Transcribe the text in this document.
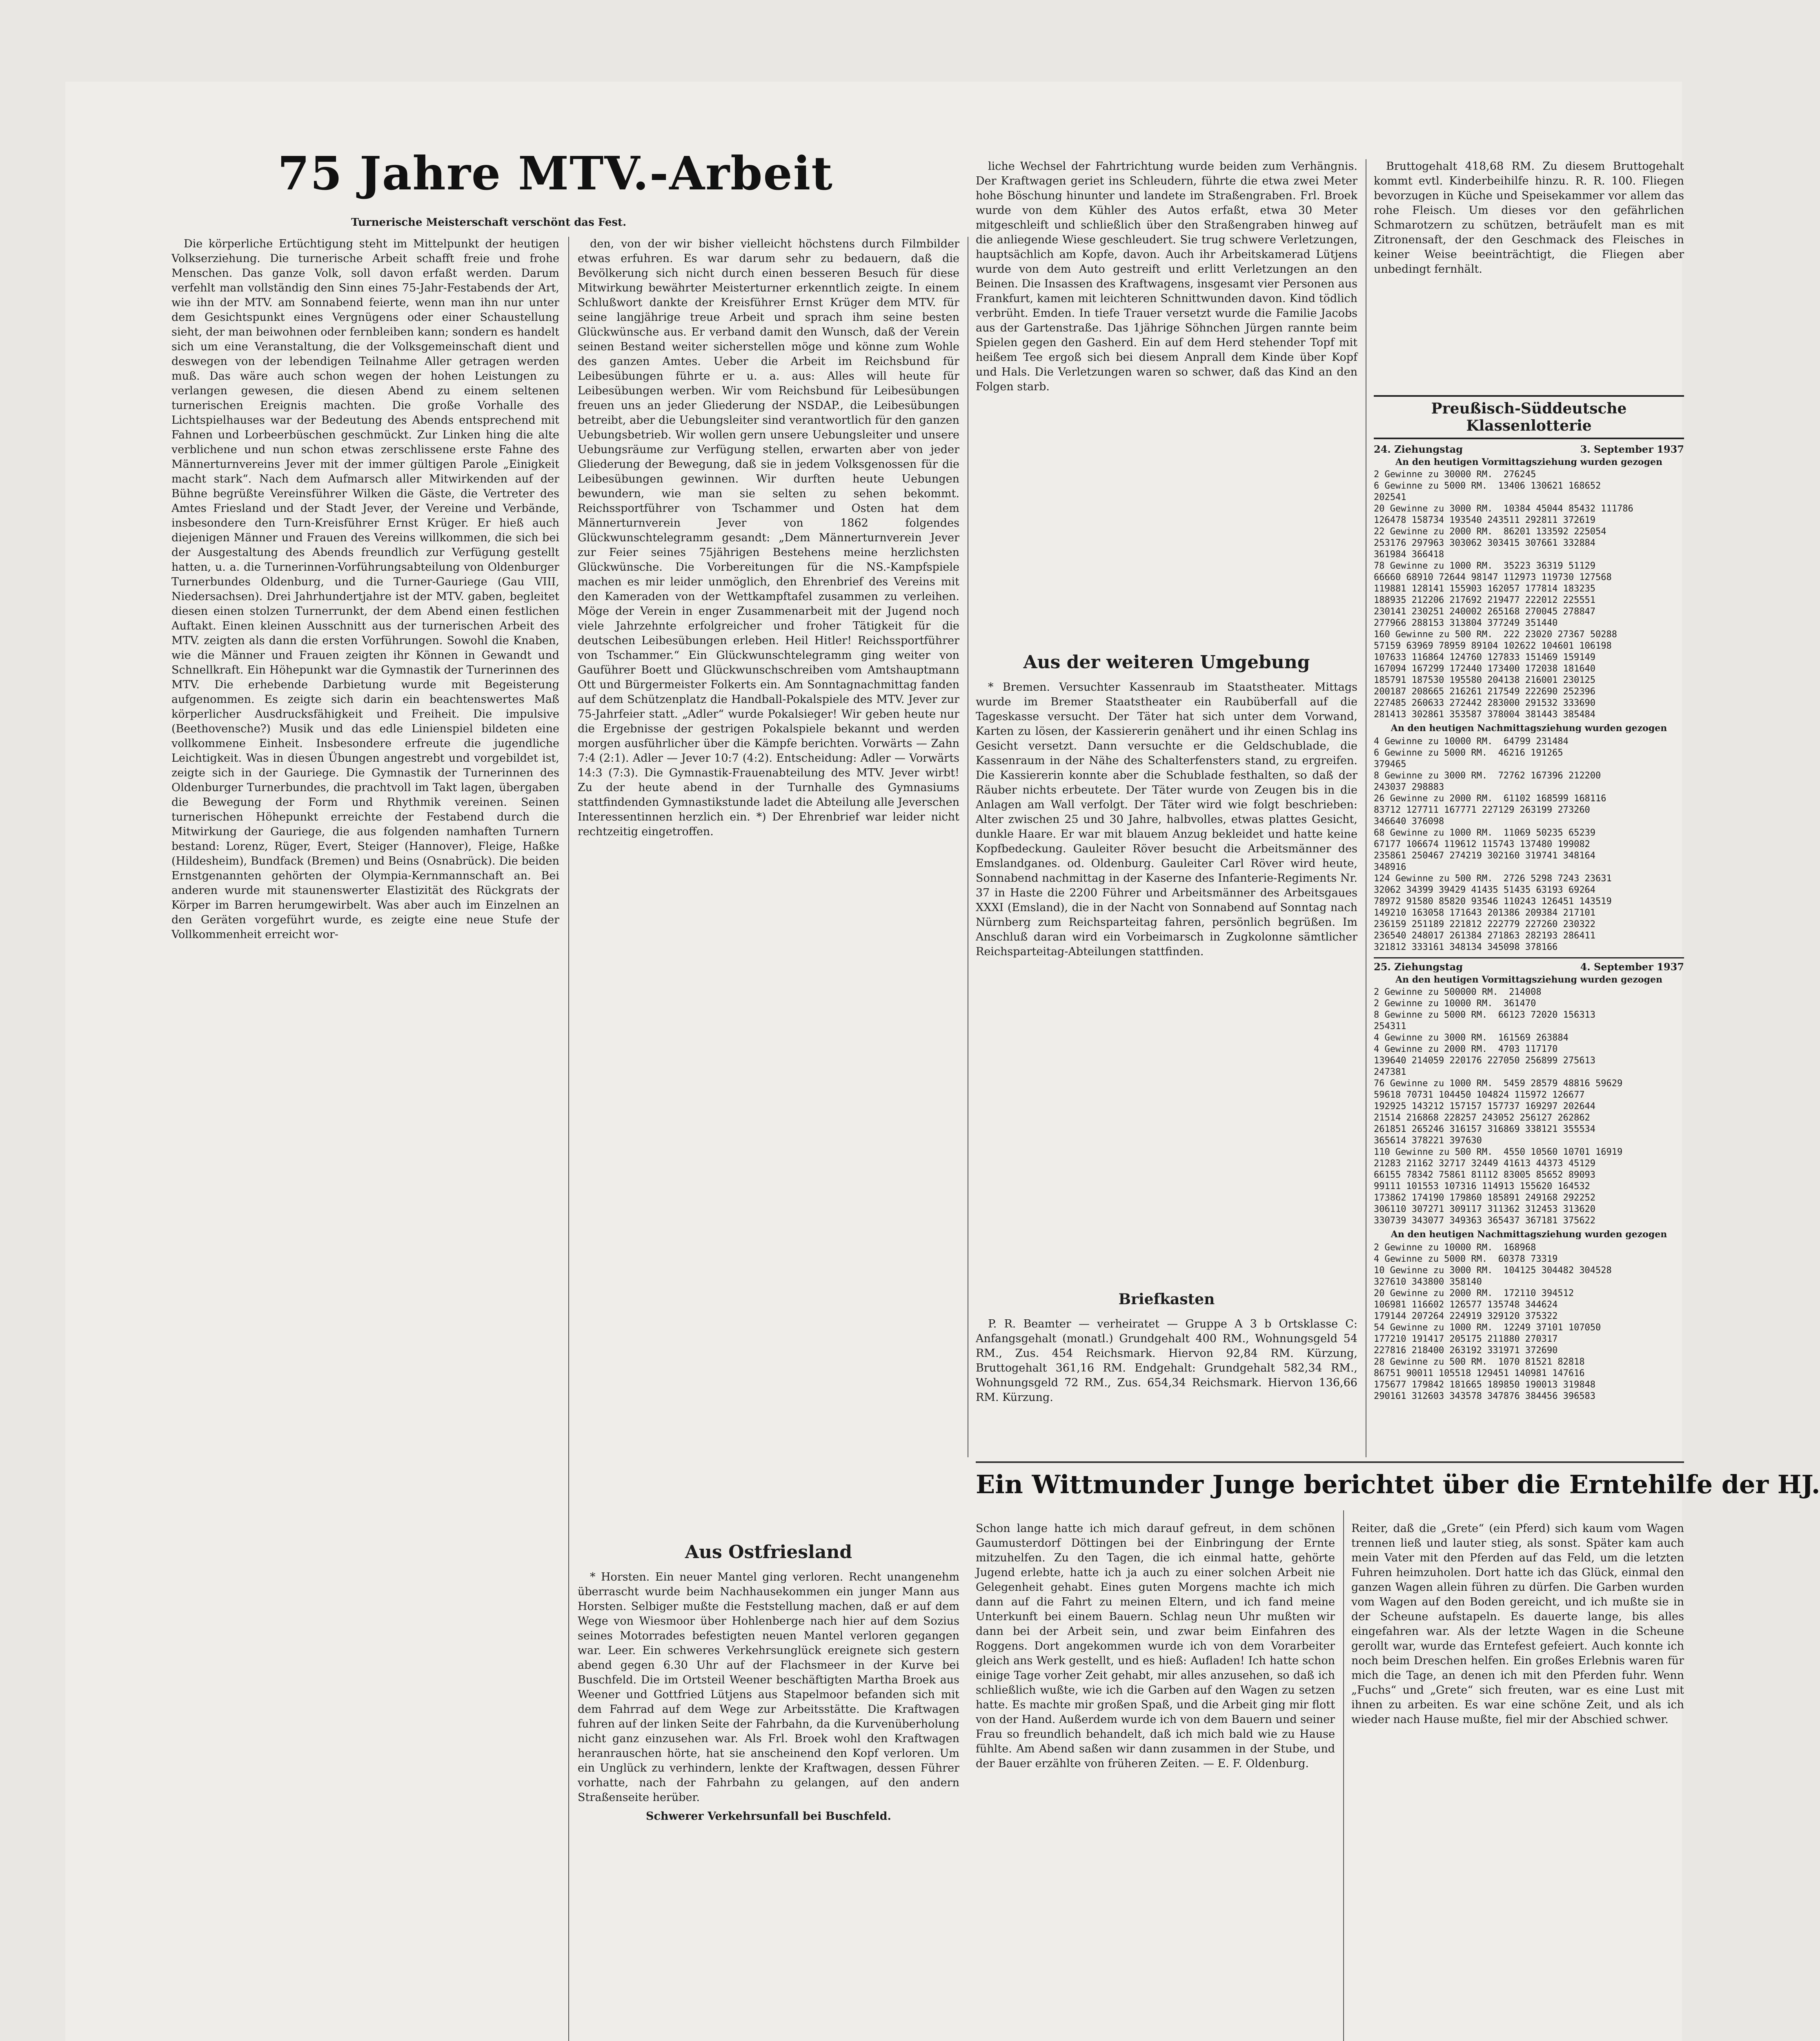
75 Jahre MTV.-Arbeit
Turnerische Meisterschaft verschönt das Fest.

Die körperliche Ertüchtigung steht im Mittelpunkt der heutigen Volkserziehung. Die turnerische Arbeit schafft freie und frohe Menschen. Das ganze Volk, soll davon erfaßt werden. Darum verfehlt man vollständig den Sinn eines 75-Jahr-Festabends der Art, wie ihn der MTV. am Sonnabend feierte, wenn man ihn nur unter dem Gesichtspunkt eines Vergnügens oder einer Schaustellung sieht, der man beiwohnen oder fernbleiben kann; sondern es handelt sich um eine Veranstaltung, die der Volksgemeinschaft dient und deswegen von der lebendigen Teilnahme Aller getragen werden muß. Das wäre auch schon wegen der hohen Leistungen zu verlangen gewesen, die diesen Abend zu einem seltenen turnerischen Ereignis machten. Die große Vorhalle des Lichtspielhauses war der Bedeutung des Abends entsprechend mit Fahnen und Lorbeerbüschen geschmückt. Zur Linken hing die alte verblichene und nun schon etwas zerschlissene erste Fahne des Männerturnvereins Jever mit der immer gültigen Parole „Einigkeit macht stark“. Nach dem Aufmarsch aller Mitwirkenden auf der Bühne begrüßte Vereinsführer Wilken die Gäste, die Vertreter des Amtes Friesland und der Stadt Jever, der Vereine und Verbände, insbesondere den Turn-Kreisführer Ernst Krüger. Er hieß auch diejenigen Männer und Frauen des Vereins willkommen, die sich bei der Ausgestaltung des Abends freundlich zur Verfügung gestellt hatten, u. a. die Turnerinnen-Vorführungsabteilung von Oldenburger Turnerbundes Oldenburg, und die Turner-Gauriege (Gau VIII, Niedersachsen). Drei Jahrhundertjahre ist der MTV. gaben, begleitet diesen einen stolzen Turnerrunkt, der dem Abend einen festlichen Auftakt. Einen kleinen Ausschnitt aus der turnerischen Arbeit des MTV. zeigten als dann die ersten Vorführungen. Sowohl die Knaben, wie die Männer und Frauen zeigten ihr Können in Gewandt und Schnellkraft. Ein Höhepunkt war die Gymnastik der Turnerinnen des MTV. Die erhebende Darbietung wurde mit Begeisterung aufgenommen. Es zeigte sich darin ein beachtenswertes Maß körperlicher Ausdrucksfähigkeit und Freiheit. Die impulsive (Beethovensche?) Musik und das edle Linienspiel bildeten eine vollkommene Einheit. Insbesondere erfreute die jugendliche Leichtigkeit. Was in diesen Übungen angestrebt und vorgebildet ist, zeigte sich in der Gauriege. Die Gymnastik der Turnerinnen des Oldenburger Turnerbundes, die prachtvoll im Takt lagen, übergaben die Bewegung der Form und Rhythmik vereinen. Seinen turnerischen Höhepunkt erreichte der Festabend durch die Mitwirkung der Gauriege, die aus folgenden namhaften Turnern bestand: Lorenz, Rüger, Evert, Steiger (Hannover), Fleige, Haßke (Hildesheim), Bundfack (Bremen) und Beins (Osnabrück). Die beiden Ernstgenannten gehörten der Olympia-Kernmannschaft an. Bei anderen wurde mit staunenswerter Elastizität des Rückgrats der Körper im Barren herumgewirbelt. Was aber auch im Einzelnen an den Geräten vorgeführt wurde, es zeigte eine neue Stufe der Vollkommenheit erreicht wor-

den, von der wir bisher vielleicht höchstens durch Filmbilder etwas erfuhren. Es war darum sehr zu bedauern, daß die Bevölkerung sich nicht durch einen besseren Besuch für diese Mitwirkung bewährter Meisterturner erkenntlich zeigte. In einem Schlußwort dankte der Kreisführer Ernst Krüger dem MTV. für seine langjährige treue Arbeit und sprach ihm seine besten Glückwünsche aus. Er verband damit den Wunsch, daß der Verein seinen Bestand weiter sicherstellen möge und könne zum Wohle des ganzen Amtes. Ueber die Arbeit im Reichsbund für Leibesübungen führte er u. a. aus: Alles will heute für Leibesübungen werben. Wir vom Reichsbund für Leibesübungen freuen uns an jeder Gliederung der NSDAP., die Leibesübungen betreibt, aber die Uebungsleiter sind verantwortlich für den ganzen Uebungsbetrieb. Wir wollen gern unsere Uebungsleiter und unsere Uebungsräume zur Verfügung stellen, erwarten aber von jeder Gliederung der Bewegung, daß sie in jedem Volksgenossen für die Leibesübungen gewinnen. Wir durften heute Uebungen bewundern, wie man sie selten zu sehen bekommt. Reichssportführer von Tschammer und Osten hat dem Männerturnverein Jever von 1862 folgendes Glückwunschtelegramm gesandt: „Dem Männerturnverein Jever zur Feier seines 75jährigen Bestehens meine herzlichsten Glückwünsche. Die Vorbereitungen für die NS.-Kampfspiele machen es mir leider unmöglich, den Ehrenbrief des Vereins mit den Kameraden von der Wettkampftafel zusammen zu verleihen. Möge der Verein in enger Zusammenarbeit mit der Jugend noch viele Jahrzehnte erfolgreicher und froher Tätigkeit für die deutschen Leibesübungen erleben. Heil Hitler! Reichssportführer von Tschammer.“ Ein Glückwunschtelegramm ging weiter von Gauführer Boett und Glückwunschschreiben vom Amtshauptmann Ott und Bürgermeister Folkerts ein. Am Sonntagnachmittag fanden auf dem Schützenplatz die Handball-Pokalspiele des MTV. Jever zur 75-Jahrfeier statt. „Adler“ wurde Pokalsieger! Wir geben heute nur die Ergebnisse der gestrigen Pokalspiele bekannt und werden morgen ausführlicher über die Kämpfe berichten. Vorwärts — Zahn 7:4 (2:1). Adler — Jever 10:7 (4:2). Entscheidung: Adler — Vorwärts 14:3 (7:3). Die Gymnastik-Frauenabteilung des MTV. Jever wirbt! Zu der heute abend in der Turnhalle des Gymnasiums stattfindenden Gymnastikstunde ladet die Abteilung alle Jeverschen Interessentinnen herzlich ein. *) Der Ehrenbrief war leider nicht rechtzeitig eingetroffen.

Aus Ostfriesland

* Horsten. Ein neuer Mantel ging verloren. Recht unangenehm überrascht wurde beim Nachhausekommen ein junger Mann aus Horsten. Selbiger mußte die Feststellung machen, daß er auf dem Wege von Wiesmoor über Hohlenberge nach hier auf dem Sozius seines Motorrades befestigten neuen Mantel verloren gegangen war. Leer. Ein schweres Verkehrsunglück ereignete sich gestern abend gegen 6.30 Uhr auf der Flachsmeer in der Kurve bei Buschfeld. Die im Ortsteil Weener beschäftigten Martha Broek aus Weener und Gottfried Lütjens aus Stapelmoor befanden sich mit dem Fahrrad auf dem Wege zur Arbeitsstätte. Die Kraftwagen fuhren auf der linken Seite der Fahrbahn, da die Kurvenüberholung nicht ganz einzusehen war. Als Frl. Broek wohl den Kraftwagen heranrauschen hörte, hat sie anscheinend den Kopf verloren. Um ein Unglück zu verhindern, lenkte der Kraftwagen, dessen Führer vorhatte, nach der Fahrbahn zu gelangen, auf den andern Straßenseite herüber.

Schwerer Verkehrsunfall bei Buschfeld.

liche Wechsel der Fahrtrichtung wurde beiden zum Verhängnis. Der Kraftwagen geriet ins Schleudern, führte die etwa zwei Meter hohe Böschung hinunter und landete im Straßengraben. Frl. Broek wurde von dem Kühler des Autos erfaßt, etwa 30 Meter mitgeschleift und schließlich über den Straßengraben hinweg auf die anliegende Wiese geschleudert. Sie trug schwere Verletzungen, hauptsächlich am Kopfe, davon. Auch ihr Arbeitskamerad Lütjens wurde von dem Auto gestreift und erlitt Verletzungen an den Beinen. Die Insassen des Kraftwagens, insgesamt vier Personen aus Frankfurt, kamen mit leichteren Schnittwunden davon. Kind tödlich verbrüht. Emden. In tiefe Trauer versetzt wurde die Familie Jacobs aus der Gartenstraße. Das 1jährige Söhnchen Jürgen rannte beim Spielen gegen den Gasherd. Ein auf dem Herd stehender Topf mit heißem Tee ergoß sich bei diesem Anprall dem Kinde über Kopf und Hals. Die Verletzungen waren so schwer, daß das Kind an den Folgen starb.

Aus der weiteren Umgebung

* Bremen. Versuchter Kassenraub im Staatstheater. Mittags wurde im Bremer Staatstheater ein Raubüberfall auf die Tageskasse versucht. Der Täter hat sich unter dem Vorwand, Karten zu lösen, der Kassiererin genähert und ihr einen Schlag ins Gesicht versetzt. Dann versuchte er die Geldschublade, die Kassenraum in der Nähe des Schalterfensters stand, zu ergreifen. Die Kassiererin konnte aber die Schublade festhalten, so daß der Räuber nichts erbeutete. Der Täter wurde von Zeugen bis in die Anlagen am Wall verfolgt. Der Täter wird wie folgt beschrieben: Alter zwischen 25 und 30 Jahre, halbvolles, etwas plattes Gesicht, dunkle Haare. Er war mit blauem Anzug bekleidet und hatte keine Kopfbedeckung. Gauleiter Röver besucht die Arbeitsmänner des Emslandganes. od. Oldenburg. Gauleiter Carl Röver wird heute, Sonnabend nachmittag in der Kaserne des Infanterie-Regiments Nr. 37 in Haste die 2200 Führer und Arbeitsmänner des Arbeitsgaues XXXI (Emsland), die in der Nacht von Sonnabend auf Sonntag nach Nürnberg zum Reichsparteitag fahren, persönlich begrüßen. Im Anschluß daran wird ein Vorbeimarsch in Zugkolonne sämtlicher Reichsparteitag-Abteilungen stattfinden.

Briefkasten

P. R. Beamter — verheiratet — Gruppe A 3 b Ortsklasse C: Anfangsgehalt (monatl.) Grundgehalt 400 RM., Wohnungsgeld 54 RM., Zus. 454 Reichsmark. Hiervon 92,84 RM. Kürzung, Bruttogehalt 361,16 RM. Endgehalt: Grundgehalt 582,34 RM., Wohnungsgeld 72 RM., Zus. 654,34 Reichsmark. Hiervon 136,66 RM. Kürzung.

Bruttogehalt 418,68 RM. Zu diesem Bruttogehalt kommt evtl. Kinderbeihilfe hinzu. R. R. 100. Fliegen bevorzugen in Küche und Speisekammer vor allem das rohe Fleisch. Um dieses vor den gefährlichen Schmarotzern zu schützen, beträufelt man es mit Zitronensaft, der den Geschmack des Fleisches in keiner Weise beeinträchtigt, die Fliegen aber unbedingt fernhält.

Preußisch-Süddeutsche Klassenlotterie
24. Ziehungstag	3. September 1937
An den heutigen Vormittagsziehung wurden gezogen
2 Gewinne zu 30000 RM.  276245
6 Gewinne zu 5000 RM.  13406 130621 168652
202541
20 Gewinne zu 3000 RM.  10384 45044 85432 111786
126478 158734 193540 243511 292811 372619
22 Gewinne zu 2000 RM.  86201 133592 225054
253176 297963 303062 303415 307661 332884
361984 366418
78 Gewinne zu 1000 RM.  35223 36319 51129
66660 68910 72644 98147 112973 119730 127568
119881 128141 155903 162057 177814 183235
188935 212206 217692 219477 222012 225551
230141 230251 240002 265168 270045 278847
277966 288153 313804 377249 351440
160 Gewinne zu 500 RM.  222 23020 27367 50288
57159 63969 78959 89104 102622 104601 106198
107633 116864 124760 127833 151469 159149
167094 167299 172440 173400 172038 181640
185791 187530 195580 204138 216001 230125
200187 208665 216261 217549 222690 252396
227485 260633 272442 283000 291532 333690
281413 302861 353587 378004 381443 385484
An den heutigen Nachmittagsziehung wurden gezogen
4 Gewinne zu 10000 RM.  64799 231484
6 Gewinne zu 5000 RM.  46216 191265
379465
8 Gewinne zu 3000 RM.  72762 167396 212200
243037 298883
26 Gewinne zu 2000 RM.  61102 168599 168116
83712 127711 167771 227129 263199 273260
346640 376098
68 Gewinne zu 1000 RM.  11069 50235 65239
67177 106674 119612 115743 137480 199082
235861 250467 274219 302160 319741 348164
348916
124 Gewinne zu 500 RM.  2726 5298 7243 23631
32062 34399 39429 41435 51435 63193 69264
78972 91580 85820 93546 110243 126451 143519
149210 163058 171643 201386 209384 217101
236159 251189 221812 222779 227260 230322
236540 248017 261384 271863 282193 286411
321812 333161 348134 345098 378166
25. Ziehungstag	4. September 1937
An den heutigen Vormittagsziehung wurden gezogen
2 Gewinne zu 500000 RM.  214008
2 Gewinne zu 10000 RM.  361470
8 Gewinne zu 5000 RM.  66123 72020 156313
254311
4 Gewinne zu 3000 RM.  161569 263884
4 Gewinne zu 2000 RM.  4703 117170
139640 214059 220176 227050 256899 275613
247381
76 Gewinne zu 1000 RM.  5459 28579 48816 59629
59618 70731 104450 104824 115972 126677
192925 143212 157157 157737 169297 202644
21514 216868 228257 243052 256127 262862
261851 265246 316157 316869 338121 355534
365614 378221 397630
110 Gewinne zu 500 RM.  4550 10560 10701 16919
21283 21162 32717 32449 41613 44373 45129
66155 78342 75861 81112 83005 85652 89093
99111 101553 107316 114913 155620 164532
173862 174190 179860 185891 249168 292252
306110 307271 309117 311362 312453 313620
330739 343077 349363 365437 367181 375622
An den heutigen Nachmittagsziehung wurden gezogen
2 Gewinne zu 10000 RM.  168968
4 Gewinne zu 5000 RM.  60378 73319
10 Gewinne zu 3000 RM.  104125 304482 304528
327610 343800 358140
20 Gewinne zu 2000 RM.  172110 394512
106981 116602 126577 135748 344624
179144 207264 224919 329120 375322
54 Gewinne zu 1000 RM.  12249 37101 107050
177210 191417 205175 211880 270317
227816 218400 263192 331971 372690
28 Gewinne zu 500 RM.  1070 81521 82818
86751 90011 105518 129451 140981 147616
175677 179842 181665 189850 190013 319848
290161 312603 343578 347876 384456 396583
Ein Wittmunder Junge berichtet über die Erntehilfe der HJ.

Schon lange hatte ich mich darauf gefreut, in dem schönen Gaumusterdorf Döttingen bei der Einbringung der Ernte mitzuhelfen. Zu den Tagen, die ich einmal hatte, gehörte Jugend erlebte, hatte ich ja auch zu einer solchen Arbeit nie Gelegenheit gehabt. Eines guten Morgens machte ich mich dann auf die Fahrt zu meinen Eltern, und ich fand meine Unterkunft bei einem Bauern. Schlag neun Uhr mußten wir dann bei der Arbeit sein, und zwar beim Einfahren des Roggens. Dort angekommen wurde ich von dem Vorarbeiter gleich ans Werk gestellt, und es hieß: Aufladen! Ich hatte schon einige Tage vorher Zeit gehabt, mir alles anzusehen, so daß ich schließlich wußte, wie ich die Garben auf den Wagen zu setzen hatte. Es machte mir großen Spaß, und die Arbeit ging mir flott von der Hand. Außerdem wurde ich von dem Bauern und seiner Frau so freundlich behandelt, daß ich mich bald wie zu Hause fühlte. Am Abend saßen wir dann zusammen in der Stube, und der Bauer erzählte von früheren Zeiten. — E. F. Oldenburg.

Reiter, daß die „Grete“ (ein Pferd) sich kaum vom Wagen trennen ließ und lauter stieg, als sonst. Später kam auch mein Vater mit den Pferden auf das Feld, um die letzten Fuhren heimzuholen. Dort hatte ich das Glück, einmal den ganzen Wagen allein führen zu dürfen. Die Garben wurden vom Wagen auf den Boden gereicht, und ich mußte sie in der Scheune aufstapeln. Es dauerte lange, bis alles eingefahren war. Als der letzte Wagen in die Scheune gerollt war, wurde das Erntefest gefeiert. Auch konnte ich noch beim Dreschen helfen. Ein großes Erlebnis waren für mich die Tage, an denen ich mit den Pferden fuhr. Wenn „Fuchs“ und „Grete“ sich freuten, war es eine Lust mit ihnen zu arbeiten. Es war eine schöne Zeit, und als ich wieder nach Hause mußte, fiel mir der Abschied schwer.
